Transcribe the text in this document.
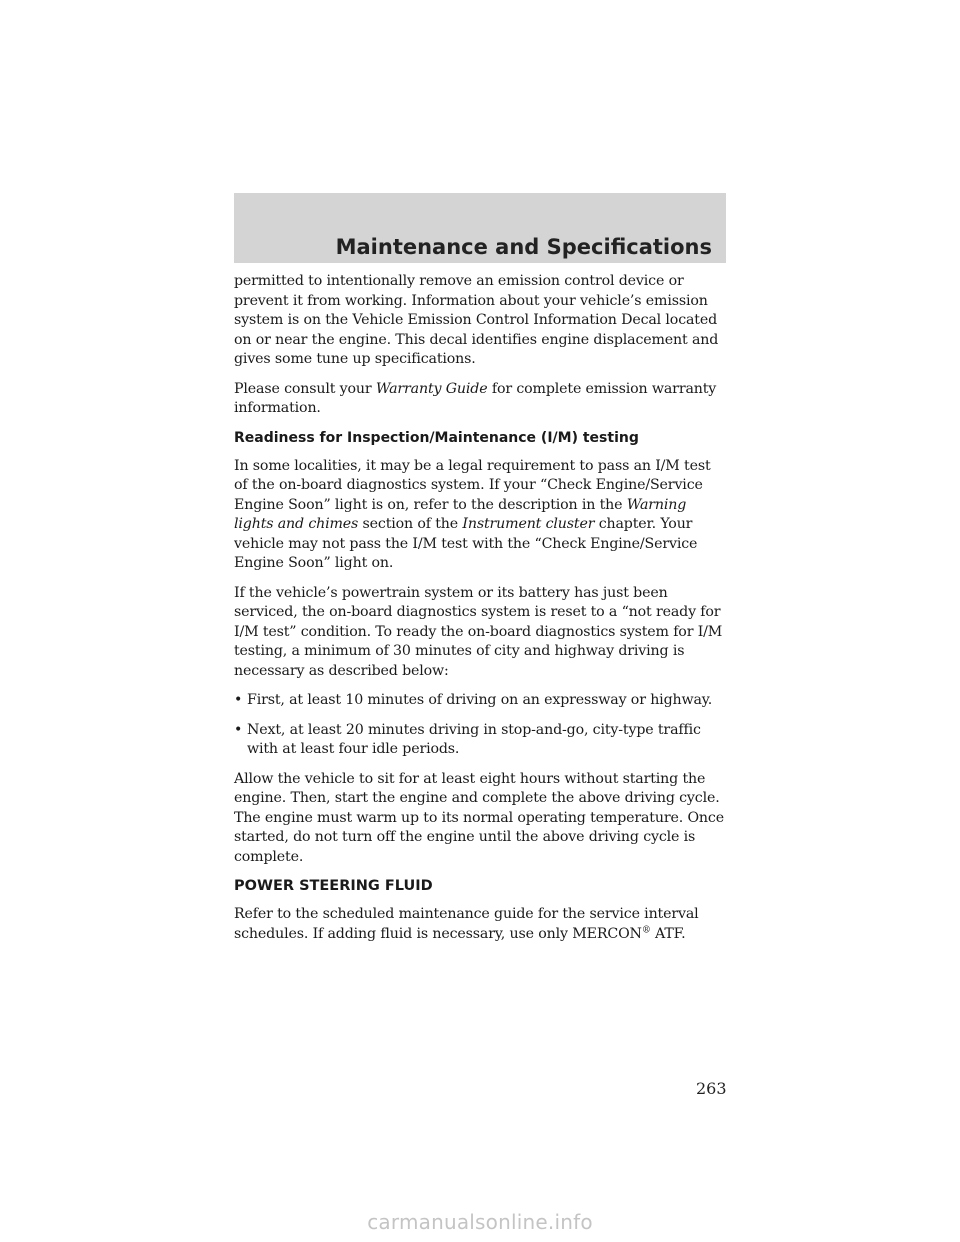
Maintenance and Specifications

permitted to intentionally remove an emission control device or prevent it from working. Information about your vehicle’s emission system is on the Vehicle Emission Control Information Decal located on or near the engine. This decal identifies engine displacement and gives some tune up specifications.

Please consult your Warranty Guide for complete emission warranty information.

Readiness for Inspection/Maintenance (I/M) testing

In some localities, it may be a legal requirement to pass an I/M test of the on-board diagnostics system. If your “Check Engine/Service Engine Soon” light is on, refer to the description in the Warning lights and chimes section of the Instrument cluster chapter. Your vehicle may not pass the I/M test with the “Check Engine/Service Engine Soon” light on.

If the vehicle’s powertrain system or its battery has just been serviced, the on-board diagnostics system is reset to a “not ready for I/M test” condition. To ready the on-board diagnostics system for I/M testing, a minimum of 30 minutes of city and highway driving is necessary as described below:

• First, at least 10 minutes of driving on an expressway or highway.
• Next, at least 20 minutes driving in stop-and-go, city-type traffic with at least four idle periods.

Allow the vehicle to sit for at least eight hours without starting the engine. Then, start the engine and complete the above driving cycle. The engine must warm up to its normal operating temperature. Once started, do not turn off the engine until the above driving cycle is complete.

POWER STEERING FLUID

Refer to the scheduled maintenance guide for the service interval schedules. If adding fluid is necessary, use only MERCON® ATF.

263
carmanualsonline.info
